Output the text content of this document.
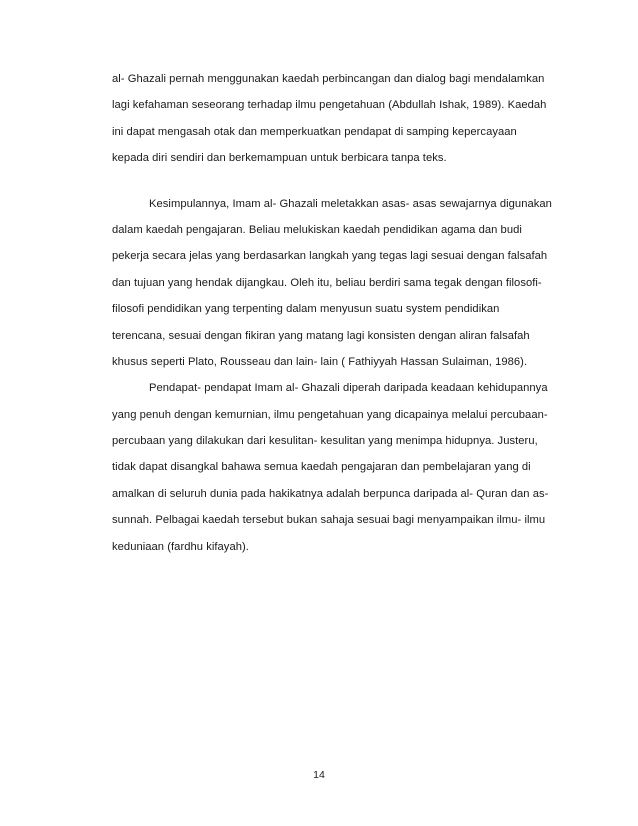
al- Ghazali pernah menggunakan kaedah perbincangan dan dialog bagi mendalamkan
lagi kefahaman seseorang terhadap ilmu pengetahuan (Abdullah Ishak, 1989). Kaedah
ini dapat mengasah otak dan memperkuatkan pendapat di samping kepercayaan
kepada diri sendiri dan berkemampuan untuk berbicara tanpa teks.
Kesimpulannya, Imam al- Ghazali meletakkan asas- asas sewajarnya digunakan
dalam kaedah pengajaran. Beliau melukiskan kaedah pendidikan agama dan budi
pekerja secara jelas yang berdasarkan langkah yang tegas lagi sesuai dengan falsafah
dan tujuan yang hendak dijangkau. Oleh itu, beliau berdiri sama tegak dengan filosofi-
filosofi pendidikan yang terpenting dalam menyusun suatu system pendidikan
terencana, sesuai dengan fikiran yang matang lagi konsisten dengan aliran falsafah
khusus seperti Plato, Rousseau dan lain- lain ( Fathiyyah Hassan Sulaiman, 1986).
Pendapat- pendapat Imam al- Ghazali diperah daripada keadaan kehidupannya
yang penuh dengan kemurnian, ilmu pengetahuan yang dicapainya melalui percubaan-
percubaan yang dilakukan dari kesulitan- kesulitan yang menimpa hidupnya. Justeru,
tidak dapat disangkal bahawa semua kaedah pengajaran dan pembelajaran yang di
amalkan di seluruh dunia pada hakikatnya adalah berpunca daripada al- Quran dan as-
sunnah. Pelbagai kaedah tersebut bukan sahaja sesuai bagi menyampaikan ilmu- ilmu
keduniaan (fardhu kifayah).
14
